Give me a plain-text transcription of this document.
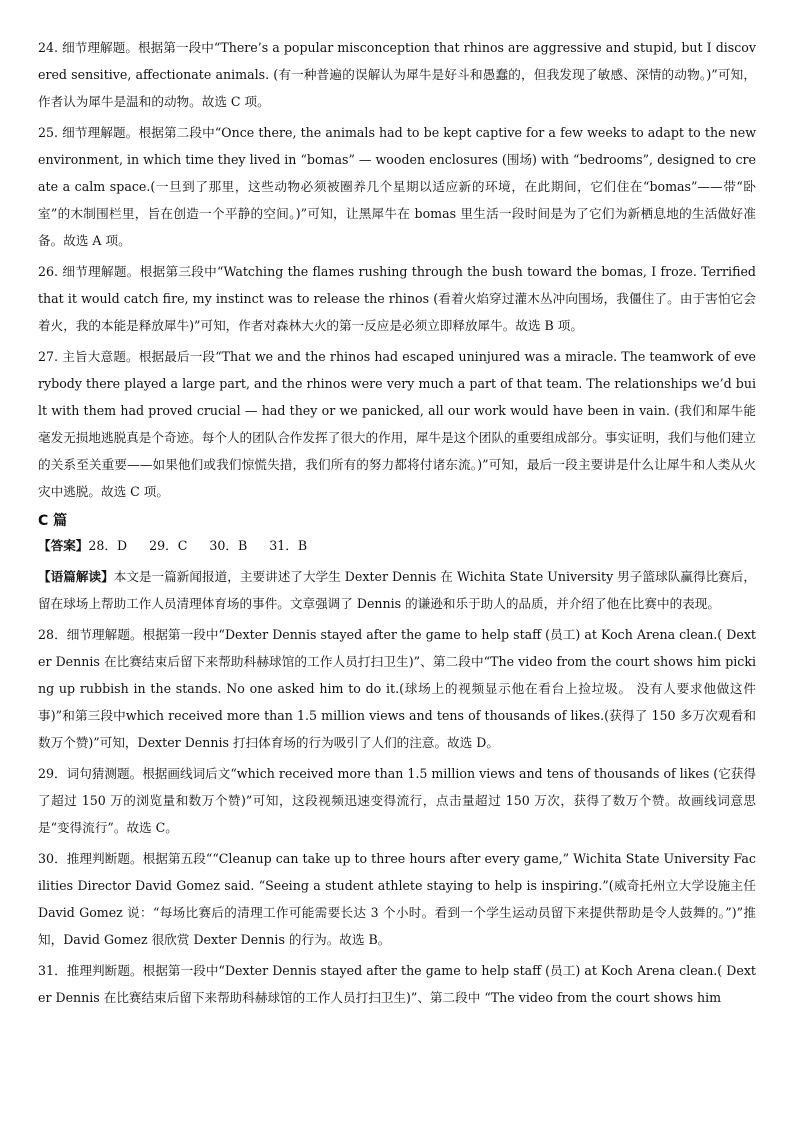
24. 细节理解题。根据第一段中“There’s a popular misconception that rhinos are aggressive and stupid, but I discovered sensitive, affectionate animals. (有一种普遍的误解认为犀牛是好斗和愚蠢的，但我发现了敏感、深情的动物。)”可知，作者认为犀牛是温和的动物。故选 C 项。

25. 细节理解题。根据第二段中“Once there, the animals had to be kept captive for a few weeks to adapt to the new environment, in which time they lived in “bomas” — wooden enclosures (围场) with “bedrooms”, designed to create a calm space.(一旦到了那里，这些动物必须被圈养几个星期以适应新的环境，在此期间，它们住在“bomas”——带“卧室”的木制围栏里，旨在创造一个平静的空间。)”可知，让黑犀牛在 bomas 里生活一段时间是为了它们为新栖息地的生活做好准备。故选 A 项。

26. 细节理解题。根据第三段中“Watching the flames rushing through the bush toward the bomas, I froze. Terrified that it would catch fire, my instinct was to release the rhinos (看着火焰穿过灌木丛冲向围场，我僵住了。由于害怕它会着火，我的本能是释放犀牛)”可知，作者对森林大火的第一反应是必须立即释放犀牛。故选 B 项。

27. 主旨大意题。根据最后一段“That we and the rhinos had escaped uninjured was a miracle. The teamwork of everybody there played a large part, and the rhinos were very much a part of that team. The relationships we’d built with them had proved crucial — had they or we panicked, all our work would have been in vain. (我们和犀牛能毫发无损地逃脱真是个奇迹。每个人的团队合作发挥了很大的作用，犀牛是这个团队的重要组成部分。事实证明，我们与他们建立的关系至关重要——如果他们或我们惊慌失措，我们所有的努力都将付诸东流。)”可知，最后一段主要讲是什么让犀牛和人类从火灾中逃脱。故选 C 项。

C 篇
【答案】28．D 29．C 30．B 31．B

【语篇解读】本文是一篇新闻报道，主要讲述了大学生 Dexter Dennis 在 Wichita State University 男子篮球队赢得比赛后，留在球场上帮助工作人员清理体育场的事件。文章强调了 Dennis 的谦逊和乐于助人的品质，并介绍了他在比赛中的表现。

28．细节理解题。根据第一段中“Dexter Dennis stayed after the game to help staff (员工) at Koch Arena clean.( Dexter Dennis 在比赛结束后留下来帮助科赫球馆的工作人员打扫卫生)”、第二段中“The video from the court shows him picking up rubbish in the stands. No one asked him to do it.(球场上的视频显示他在看台上捡垃圾。 没有人要求他做这件事)”和第三段中which received more than 1.5 million views and tens of thousands of likes.(获得了 150 多万次观看和数万个赞)”可知，Dexter Dennis 打扫体育场的行为吸引了人们的注意。故选 D。

29．词句猜测题。根据画线词后文“which received more than 1.5 million views and tens of thousands of likes (它获得了超过 150 万的浏览量和数万个赞)”可知，这段视频迅速变得流行，点击量超过 150 万次，获得了数万个赞。故画线词意思是“变得流行”。故选 C。

30．推理判断题。根据第五段““Cleanup can take up to three hours after every game,” Wichita State University Facilities Director David Gomez said. “Seeing a student athlete staying to help is inspiring.”(威奇托州立大学设施主任 David Gomez 说：“每场比赛后的清理工作可能需要长达 3 个小时。看到一个学生运动员留下来提供帮助是令人鼓舞的。”)”推知，David Gomez 很欣赏 Dexter Dennis 的行为。故选 B。

31．推理判断题。根据第一段中“Dexter Dennis stayed after the game to help staff (员工) at Koch Arena clean.( Dexter Dennis 在比赛结束后留下来帮助科赫球馆的工作人员打扫卫生)”、第二段中 “The video from the court shows him
